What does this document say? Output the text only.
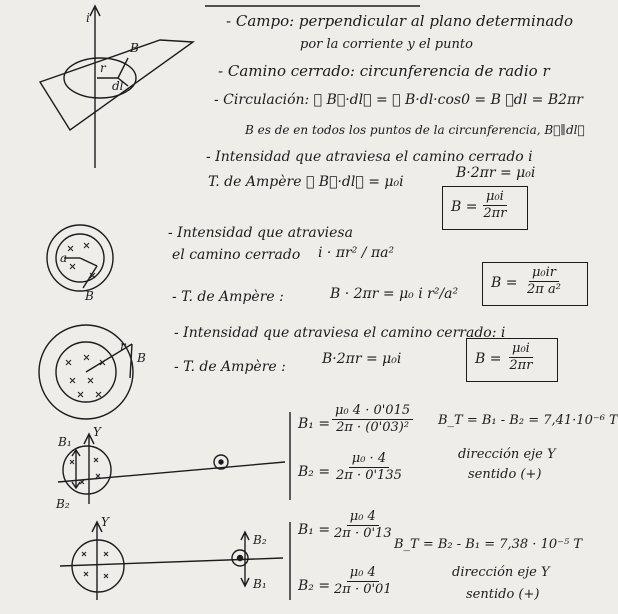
i
B
dl
r
B
a
B
r
Y
B₁
B₂
Y
B₂
B₁
- Campo: perpendicular al plano determinado
por la corriente y el punto
- Camino cerrado: circunferencia de radio r
- Circulación: ∮ B⃗·dl⃗ = ∮ B·dl·cos0 = B ∮dl = B2πr
B es de en todos los puntos de la circunferencia, B⃗∥dl⃗
- Intensidad que atraviesa el camino cerrado i
T. de Ampère ∮ B⃗·dl⃗ = μ₀i
B·2πr = μ₀i
$B = \frac{\text{μ₀i}}{2\pi r}$
- Intensidad que atraviesa
el camino cerrado i · πr² / πa²
- T. de Ampère :	B · 2πr = μ₀ i r²/a²
$B = \frac{\text{μ₀ir}}{\text{2π a²}}$
- Intensidad que atraviesa el camino cerrado: i
- T. de Ampère :	B·2πr = μ₀i	$B = \frac{\text{μ₀i}}{2\pi r}$
$B_1 = \frac{\text{μ₀ 4 · 0'015}}{\text{2π · (0'03)²}}$
$B_2 = \frac{\text{μ₀ · 4}}{2\pi \cdot 0'135}$
B_T = B₁ - B₂ = 7,41·10⁻⁶ T
dirección eje Y
sentido (+)
$B_1 = \frac{\text{μ₀ 4}}{2\pi \cdot 0'13}$
$B_2 = \frac{\text{μ₀ 4}}{2\pi \cdot 0'01}$
B_T = B₂ - B₁ = 7,38 · 10⁻⁵ T
dirección eje Y
sentido (+)
